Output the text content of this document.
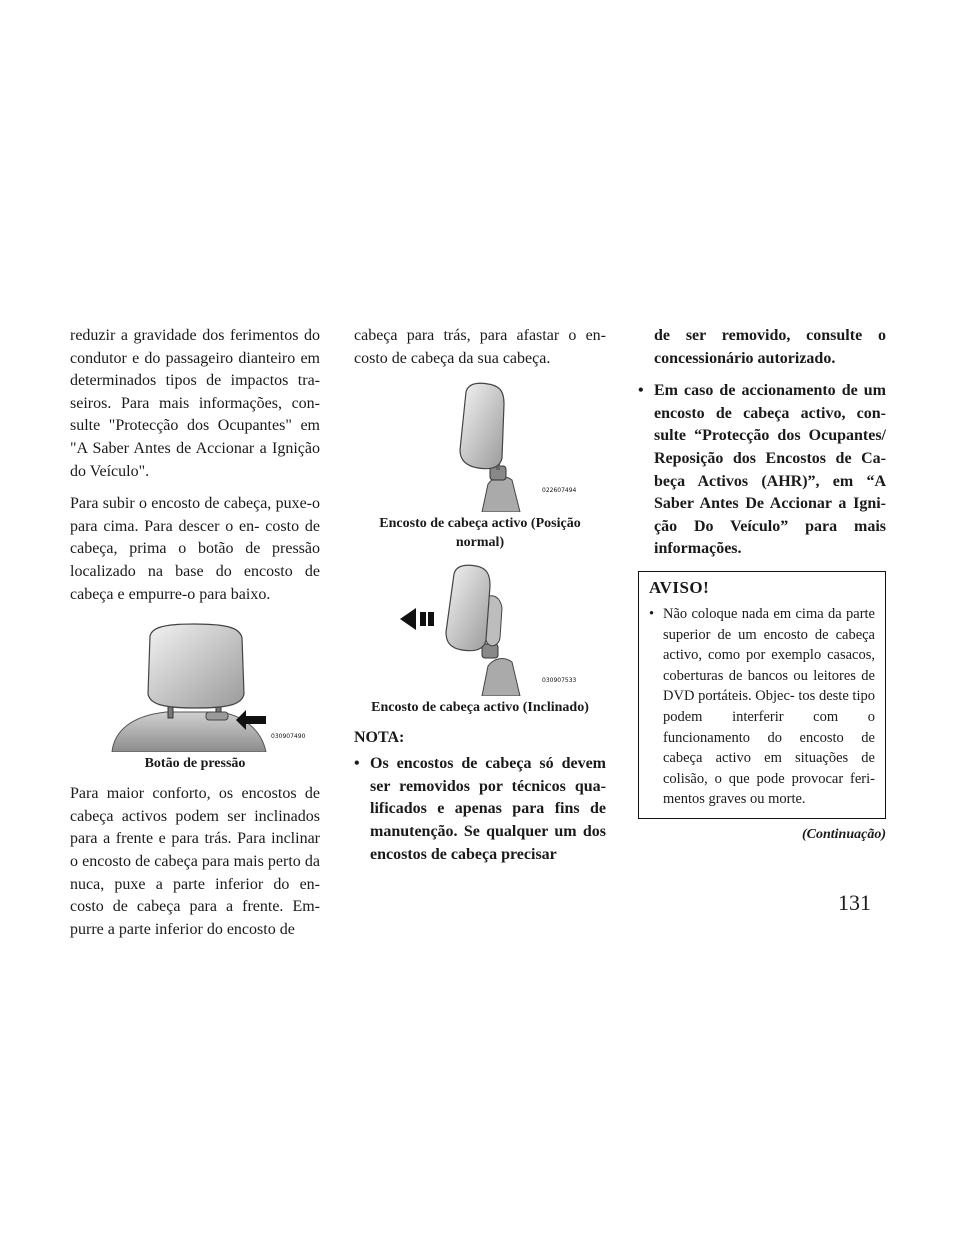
reduzir a gravidade dos ferimentos do condutor e do passageiro dianteiro em determinados tipos de impactos tra- seiros. Para mais informações, con- sulte "Protecção dos Ocupantes" em "A Saber Antes de Accionar a Ignição do Veículo".

Para subir o encosto de cabeça, puxe-o para cima. Para descer o en- costo de cabeça, prima o botão de pressão localizado na base do encosto de cabeça e empurre-o para baixo.

030907490
Botão de pressão

Para maior conforto, os encostos de cabeça activos podem ser inclinados para a frente e para trás. Para inclinar o encosto de cabeça para mais perto da nuca, puxe a parte inferior do en- costo de cabeça para a frente. Em- purre a parte inferior do encosto de

cabeça para trás, para afastar o en- costo de cabeça da sua cabeça.

022607494
Encosto de cabeça activo (Posição normal)
030907533
Encosto de cabeça activo (Inclinado)
NOTA:
• Os encostos de cabeça só devem ser removidos por técnicos qua- lificados e apenas para fins de manutenção. Se qualquer um dos encostos de cabeça precisar
de ser removido, consulte o concessionário autorizado.
• Em caso de accionamento de um encosto de cabeça activo, con- sulte “Protecção dos Ocupantes/ Reposição dos Encostos de Ca- beça Activos (AHR)”, em “A Saber Antes De Accionar a Igni- ção Do Veículo” para mais informações.
AVISO!
• Não coloque nada em cima da parte superior de um encosto de cabeça activo, como por exemplo casacos, coberturas de bancos ou leitores de DVD portáteis. Objec- tos deste tipo podem interferir com o funcionamento do encosto de cabeça activo em situações de colisão, o que pode provocar feri- mentos graves ou morte.
(Continuação)
131
